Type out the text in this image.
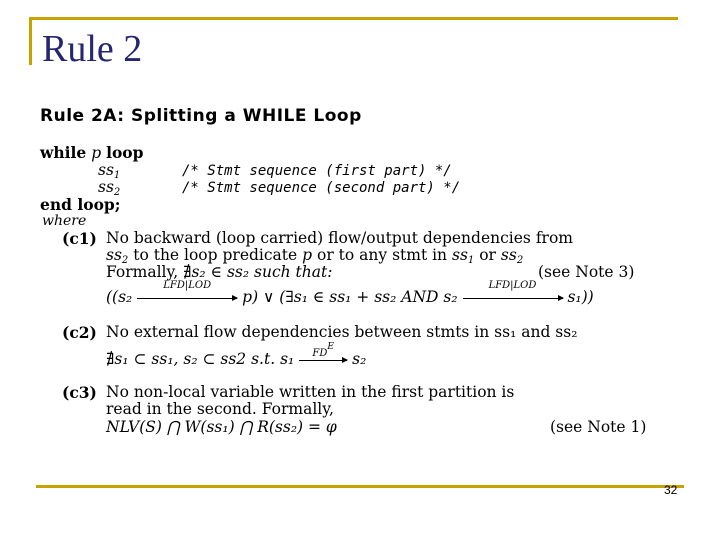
Rule 2
Rule 2A: Splitting a WHILE Loop
while p loop
$ss_1$	/* Stmt sequence (first part) */
$ss_2$	/* Stmt sequence (second part) */
end loop;
where
(c1) No backward (loop carried) flow/output dependencies from
$ss_2$ to the loop predicate p or to any stmt in $ss_1$ or $ss_2$
Formally, ∄s₂ ∈ ss₂ such that:	(see Note 3)
((s₂
LFD|LOD
p) ∨ (∃s₁ ∈ ss₁ + ss₂ AND s₂
LFD|LOD
s₁))
(c2) No external flow dependencies between stmts in ss₁ and ss₂
∄s₁ ⊂ ss₁, s₂ ⊂ ss2 s.t. s₁	$FD^E$
s₂
(c3) No non-local variable written in the first partition is
read in the second. Formally,
NLV(S) ⋂ W(ss₁) ⋂ R(ss₂) = φ	(see Note 1)
32
